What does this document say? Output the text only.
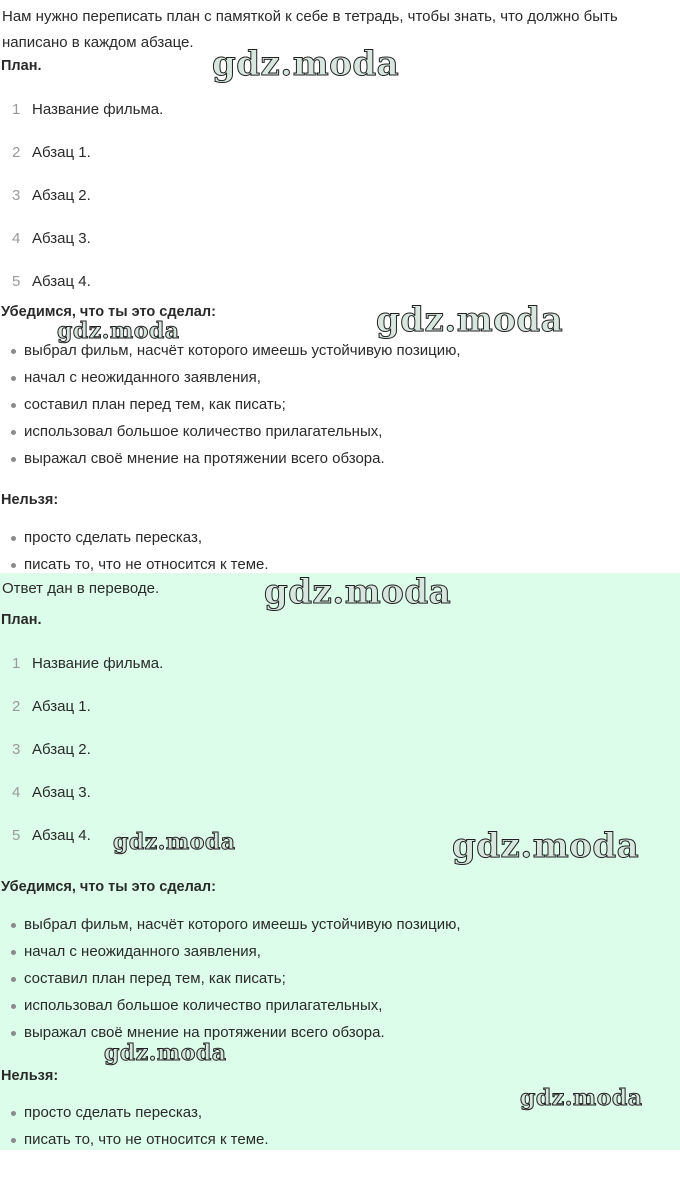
Нам нужно переписать план с памяткой к себе в тетрадь, чтобы знать, что должно быть написано в каждом абзаце.

План.
1 Название фильма.
2 Абзац 1.
3 Абзац 2.
4 Абзац 3.
5 Абзац 4.
Убедимся, что ты это сделал:
выбрал фильм, насчёт которого имеешь устойчивую позицию,
начал с неожиданного заявления,
составил план перед тем, как писать;
использовал большое количество прилагательных,
выражал своё мнение на протяжении всего обзора.
Нельзя:
просто сделать пересказ,
писать то, что не относится к теме.

Ответ дан в переводе.

План.
1 Название фильма.
2 Абзац 1.
3 Абзац 2.
4 Абзац 3.
5 Абзац 4.
Убедимся, что ты это сделал:
выбрал фильм, насчёт которого имеешь устойчивую позицию,
начал с неожиданного заявления,
составил план перед тем, как писать;
использовал большое количество прилагательных,
выражал своё мнение на протяжении всего обзора.
Нельзя:
просто сделать пересказ,
писать то, что не относится к теме.
gdz.moda
gdz.moda
gdz.moda
gdz.moda
gdz.moda	gdz.moda
gdz.moda
gdz.moda
